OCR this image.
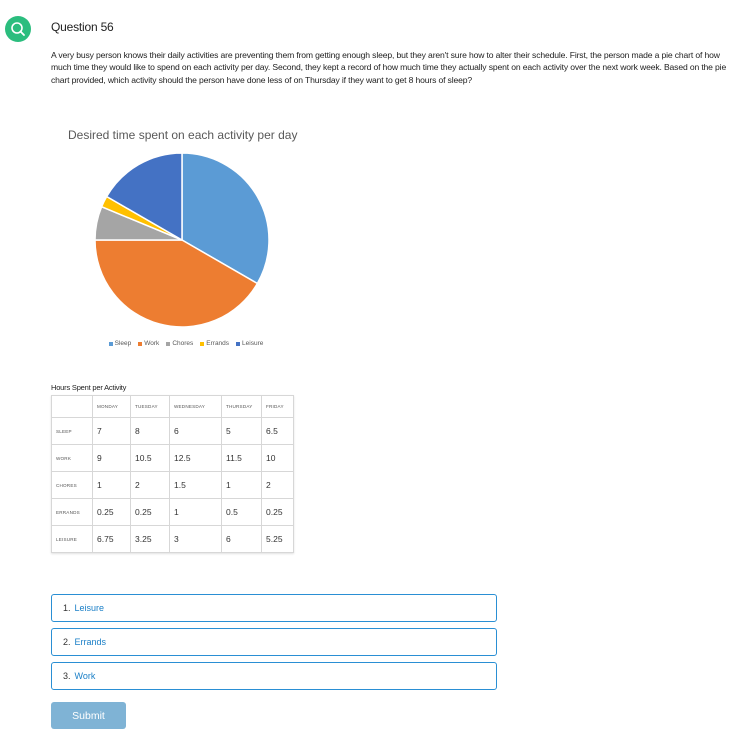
Question 56
A very busy person knows their daily activities are preventing them from getting enough sleep, but they aren't sure how to alter their schedule. First, the person made a pie chart of how much time they would like to spend on each activity per day. Second, they kept a record of how much time they actually spent on each activity over the next work week. Based on the pie chart provided, which activity should the person have done less of on Thursday if they want to get 8 hours of sleep?
Desired time spent on each activity per day
Sleep Work Chores Errands Leisure
Hours Spent per Activity
	MONDAY	TUESDAY	WEDNESDAY	THURSDAY	FRIDAY
SLEEP	7	8	6	5	6.5
WORK	9	10.5	12.5	11.5	10
CHORES	1	2	1.5	1	2
ERRANDS	0.25	0.25	1	0.5	0.25
LEISURE	6.75	3.25	3	6	5.25
1. Leisure
2. Errands
3. Work
Submit
